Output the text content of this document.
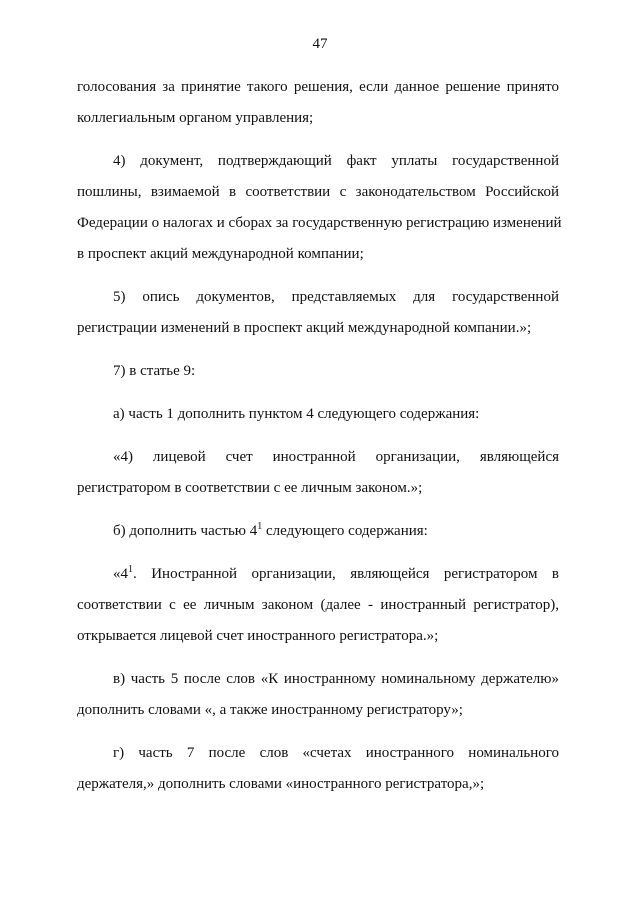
47
голосования за принятие такого решения, если данное решение принято
коллегиальным органом управления;
4) документ, подтверждающий факт уплаты государственной
пошлины, взимаемой в соответствии с законодательством Российской
Федерации о налогах и сборах за государственную регистрацию изменений
в проспект акций международной компании;
5) опись документов, представляемых для государственной
регистрации изменений в проспект акций международной компании.»;
7) в статье 9:
а) часть 1 дополнить пунктом 4 следующего содержания:
«4) лицевой счет иностранной организации, являющейся
регистратором в соответствии с ее личным законом.»;
б) дополнить частью $4^1$ следующего содержания:
«$4^1$. Иностранной организации, являющейся регистратором в
соответствии с ее личным законом (далее - иностранный регистратор),
открывается лицевой счет иностранного регистратора.»;
в) часть 5 после слов «К иностранному номинальному держателю»
дополнить словами «, а также иностранному регистратору»;
г) часть 7 после слов «счетах иностранного номинального
держателя,» дополнить словами «иностранного регистратора,»;
